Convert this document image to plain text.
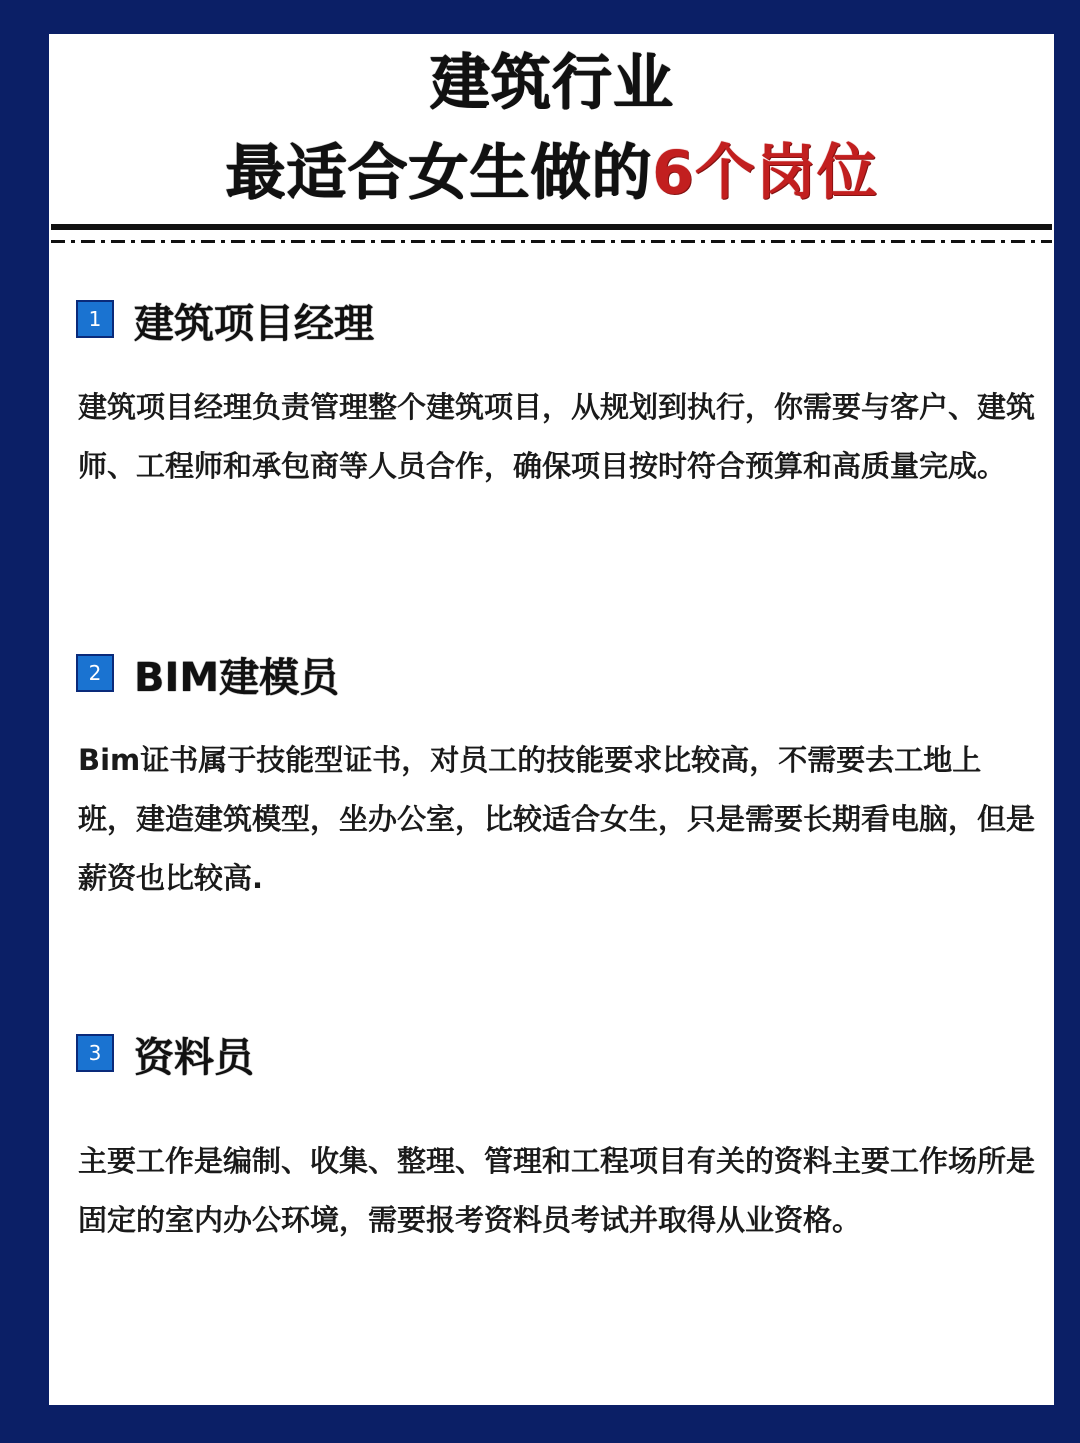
建筑行业
最适合女生做的6个岗位
1 建筑项目经理

建筑项目经理负责管理整个建筑项目，从规划到执行，你需要与客户、建筑师、工程师和承包商等人员合作，确保项目按时符合预算和高质量完成。

2 BIM建模员

Bim证书属于技能型证书，对员工的技能要求比较高，不需要去工地上班，建造建筑模型，坐办公室，比较适合女生，只是需要长期看电脑，但是薪资也比较高.

3 资料员

主要工作是编制、收集、整理、管理和工程项目有关的资料主要工作场所是固定的室内办公环境，需要报考资料员考试并取得从业资格。
